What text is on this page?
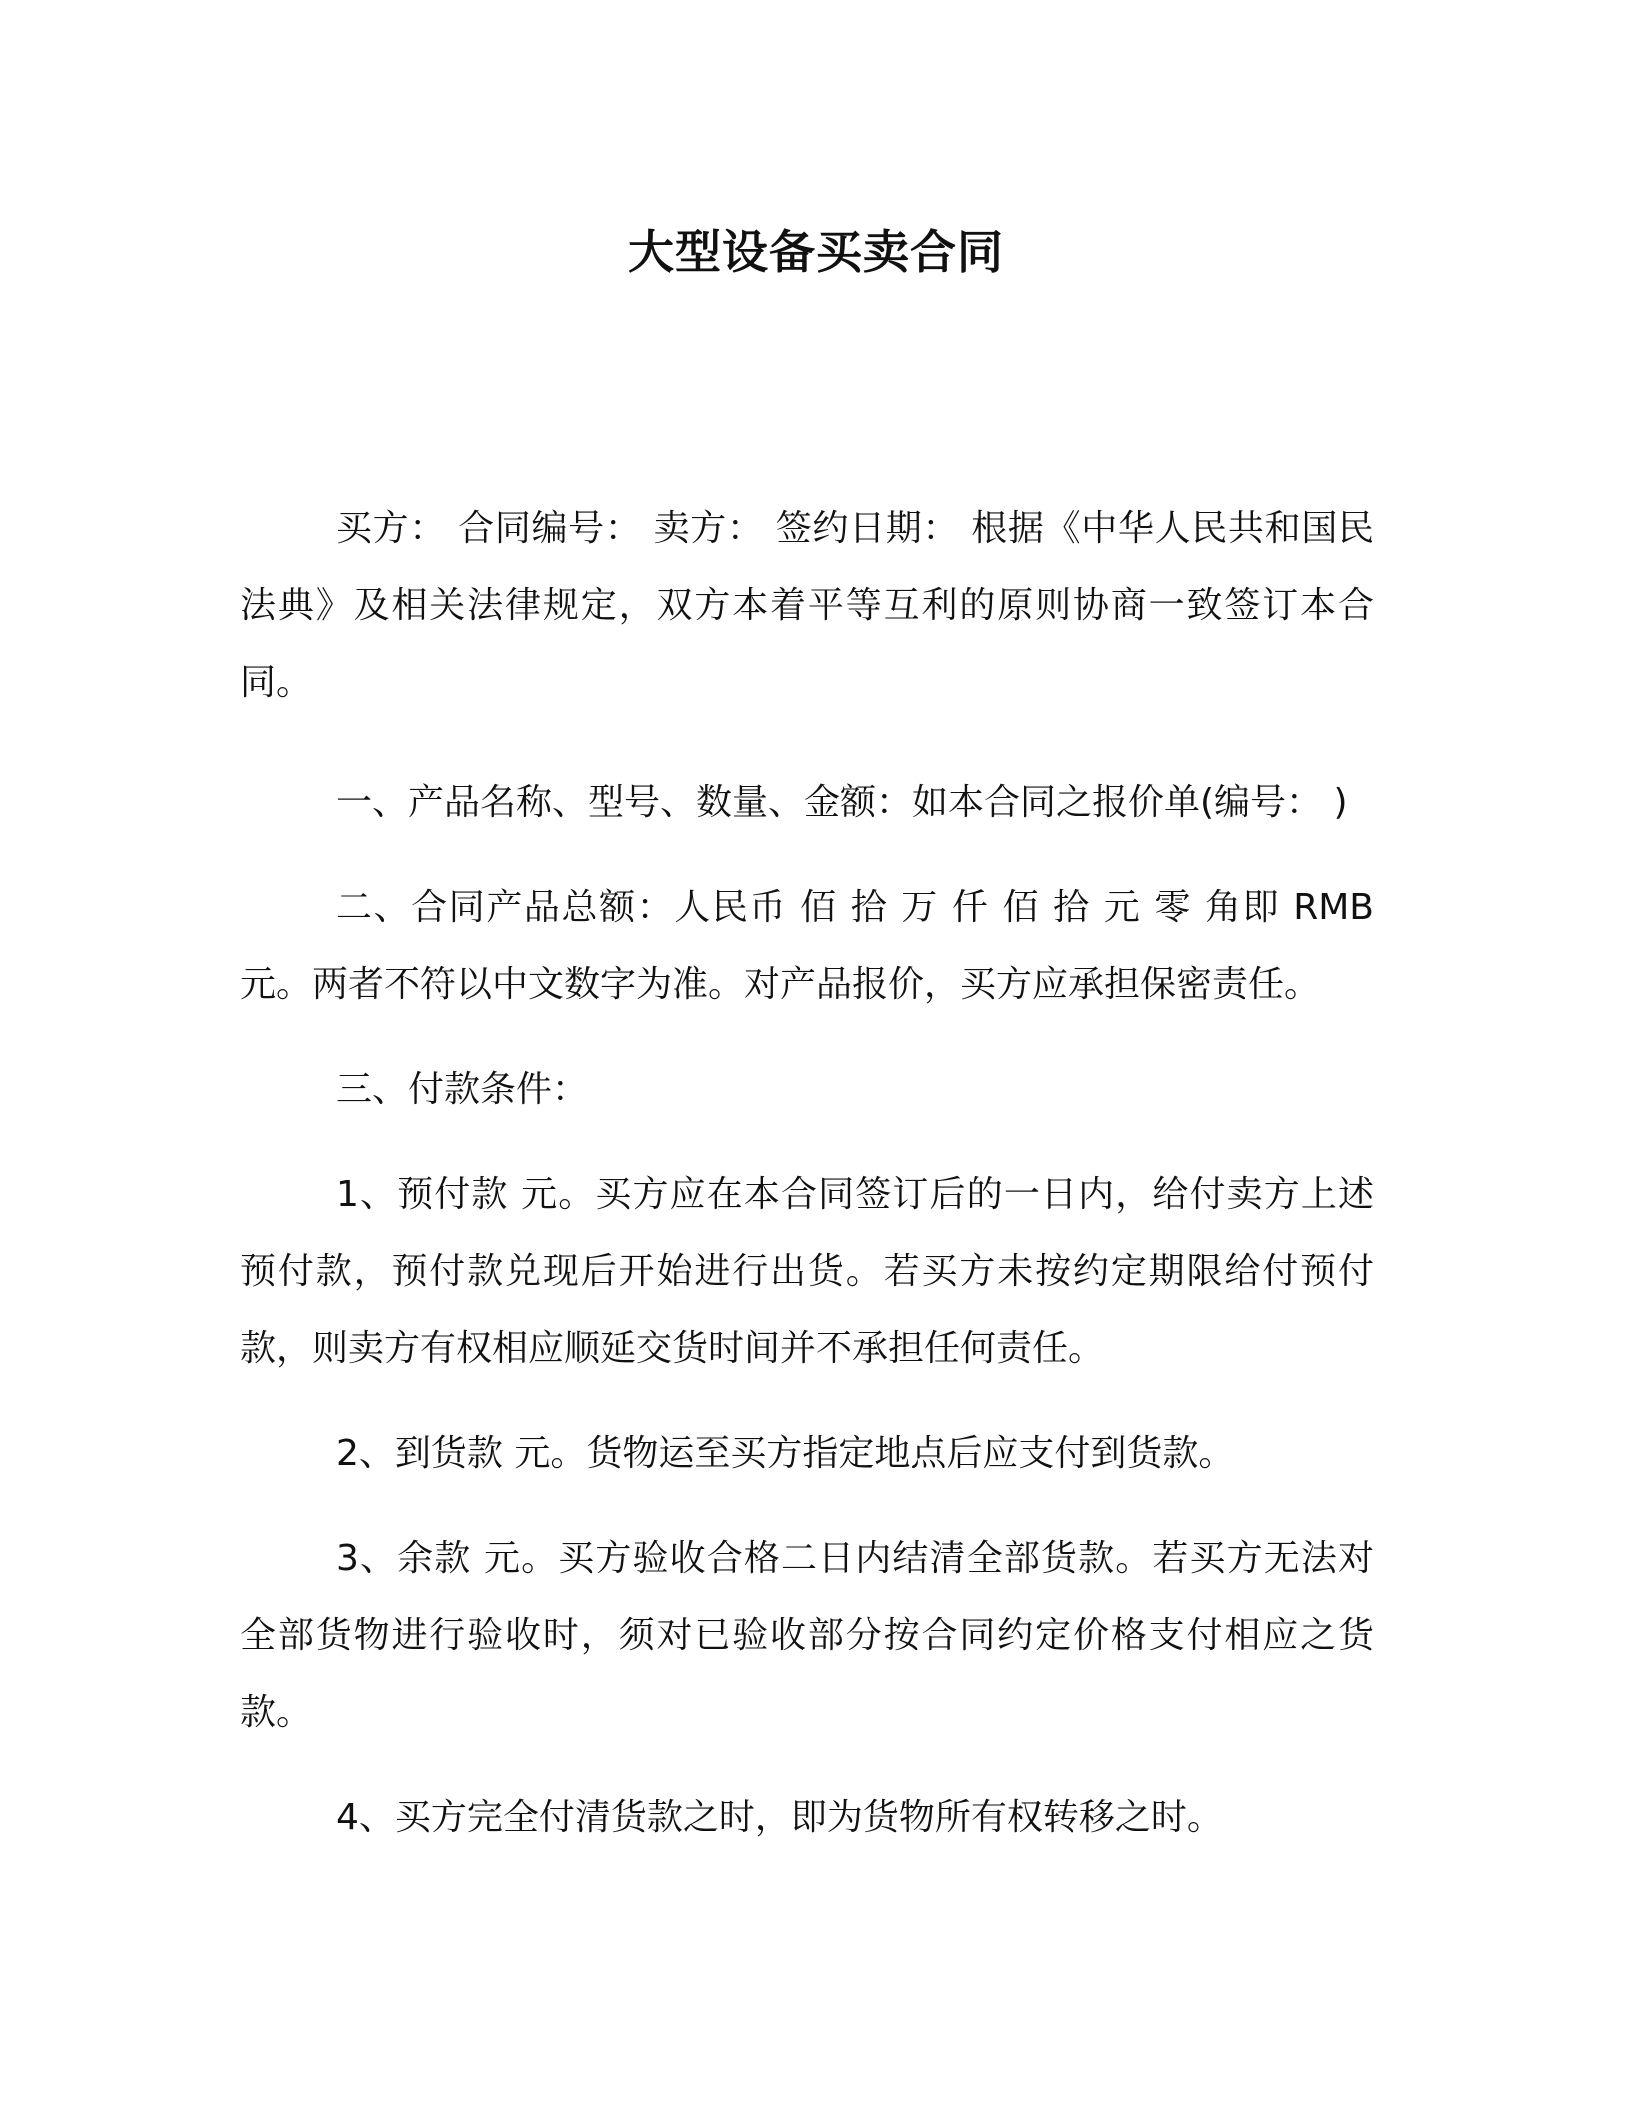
大型设备买卖合同

买方： 合同编号： 卖方： 签约日期： 根据《中华人民共和国民法典》及相关法律规定，双方本着平等互利的原则协商一致签订本合同。

一、产品名称、型号、数量、金额：如本合同之报价单(编号： )

二、合同产品总额：人民币 佰 拾 万 仟 佰 拾 元 零 角即 RMB 元。两者不符以中文数字为准。对产品报价，买方应承担保密责任。

三、付款条件：

1、预付款 元。买方应在本合同签订后的一日内，给付卖方上述预付款，预付款兑现后开始进行出货。若买方未按约定期限给付预付款，则卖方有权相应顺延交货时间并不承担任何责任。

2、到货款 元。货物运至买方指定地点后应支付到货款。

3、余款 元。买方验收合格二日内结清全部货款。若买方无法对全部货物进行验收时，须对已验收部分按合同约定价格支付相应之货款。

4、买方完全付清货款之时，即为货物所有权转移之时。
